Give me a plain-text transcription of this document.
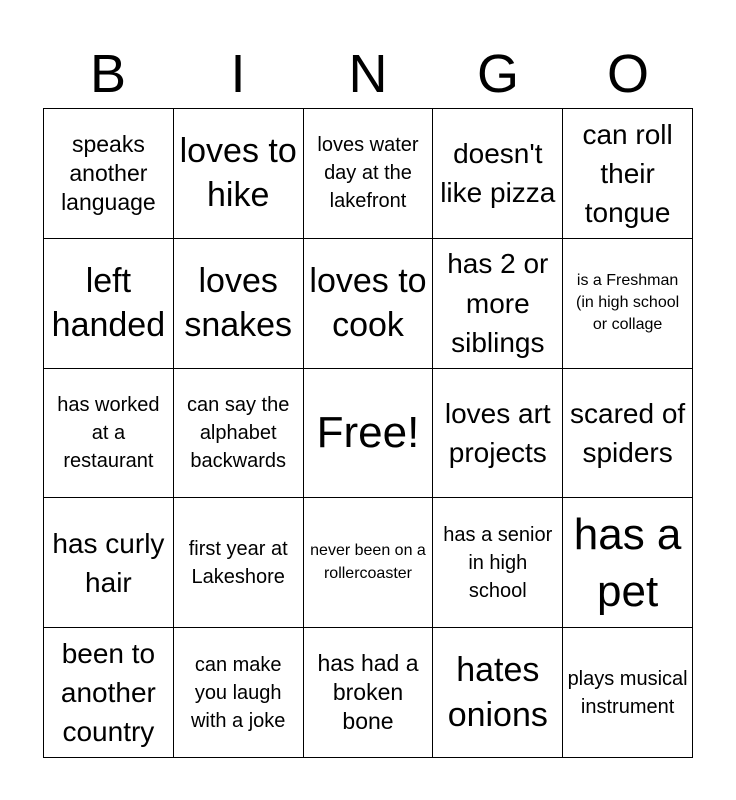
B	I	N	G	O
speaks another language
loves to hike
loves water day at the lakefront
doesn't like pizza
can roll their tongue
left handed
loves snakes
loves to cook
has 2 or more siblings
is a Freshman (in high school or collage
has worked at a restaurant
can say the alphabet backwards
Free! loves art projects
scared of spiders
has curly hair
first year at Lakeshore
never been on a rollercoaster
has a senior in high school
has a pet
been to another country
can make you laugh with a joke
has had a broken bone
hates onions
plays musical instrument
